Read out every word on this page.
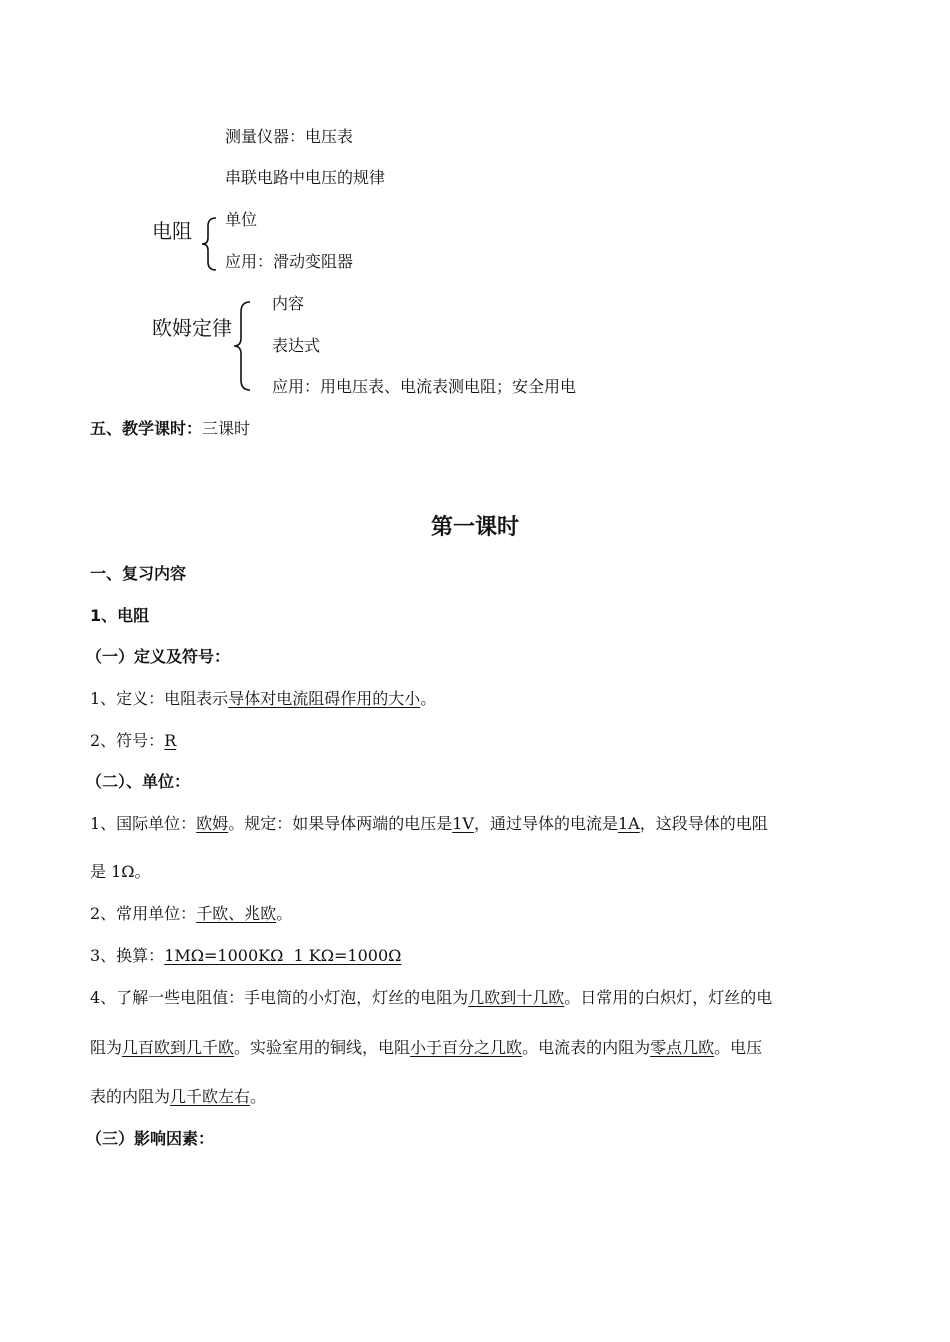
测量仪器：电压表
串联电路中电压的规律
电阻 单位
应用：滑动变阻器
欧姆定律
内容
表达式
应用：用电压表、电流表测电阻；安全用电
五、教学课时：三课时
第一课时
一、复习内容
1、电阻
（一）定义及符号：
1、定义：电阻表示导体对电流阻碍作用的大小。
2、符号：R
（二）、单位：
1、国际单位：欧姆。规定：如果导体两端的电压是1V，通过导体的电流是1A，这段导体的电阻
是 1Ω。
2、常用单位：千欧、兆欧。
3、换算：1MΩ=1000KΩ  1 KΩ=1000Ω
4、了解一些电阻值：手电筒的小灯泡，灯丝的电阻为几欧到十几欧。日常用的白炽灯，灯丝的电
阻为几百欧到几千欧。实验室用的铜线，电阻小于百分之几欧。电流表的内阻为零点几欧。电压
表的内阻为几千欧左右。
（三）影响因素：
